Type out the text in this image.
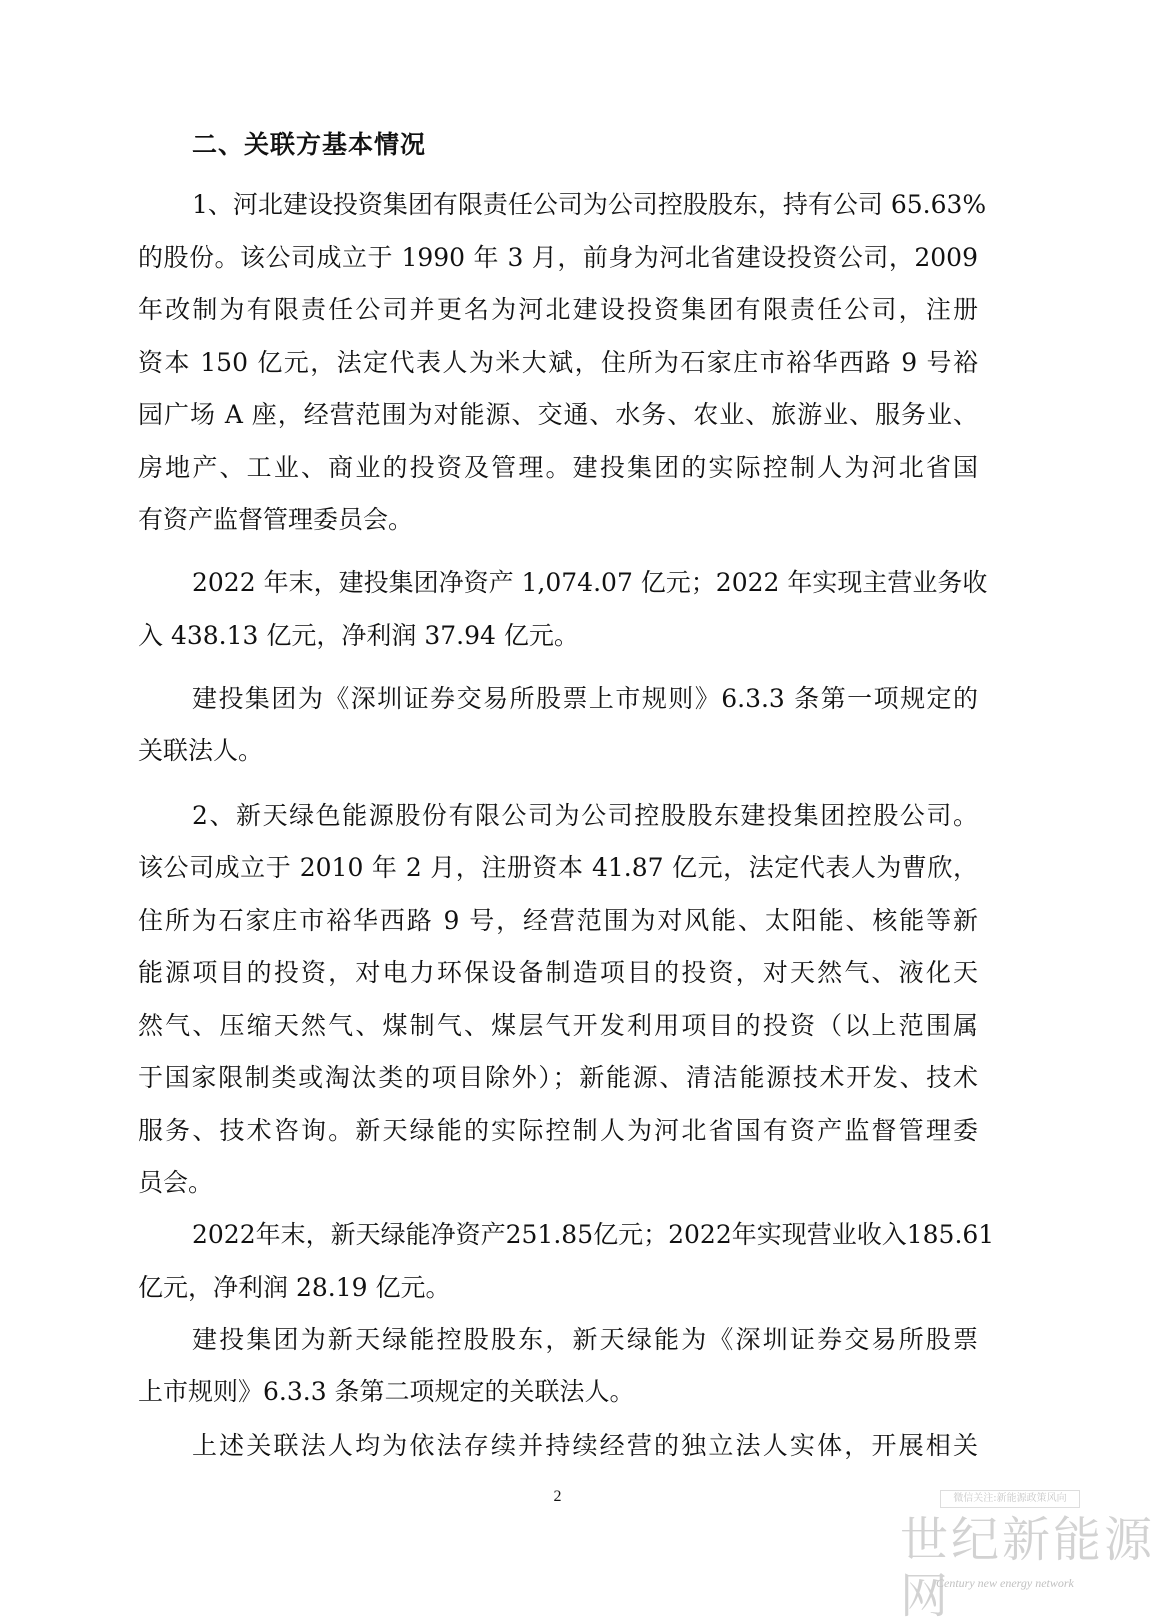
二、关联方基本情况
1、河北建设投资集团有限责任公司为公司控股股东，持有公司 65.63%
的股份。该公司成立于 1990 年 3 月，前身为河北省建设投资公司，2009
年改制为有限责任公司并更名为河北建设投资集团有限责任公司，注册
资本 150 亿元，法定代表人为米大斌，住所为石家庄市裕华西路 9 号裕
园广场 A 座，经营范围为对能源、交通、水务、农业、旅游业、服务业、
房地产、工业、商业的投资及管理。建投集团的实际控制人为河北省国
有资产监督管理委员会。
2022 年末，建投集团净资产 1,074.07 亿元；2022 年实现主营业务收
入 438.13 亿元，净利润 37.94 亿元。
建投集团为《深圳证券交易所股票上市规则》6.3.3 条第一项规定的
关联法人。
2、新天绿色能源股份有限公司为公司控股股东建投集团控股公司。
该公司成立于 2010 年 2 月，注册资本 41.87 亿元，法定代表人为曹欣，
住所为石家庄市裕华西路 9 号，经营范围为对风能、太阳能、核能等新
能源项目的投资，对电力环保设备制造项目的投资，对天然气、液化天
然气、压缩天然气、煤制气、煤层气开发利用项目的投资（以上范围属
于国家限制类或淘汰类的项目除外）；新能源、清洁能源技术开发、技术
服务、技术咨询。新天绿能的实际控制人为河北省国有资产监督管理委
员会。
2022年末，新天绿能净资产251.85亿元；2022年实现营业收入185.61
亿元，净利润 28.19 亿元。
建投集团为新天绿能控股股东，新天绿能为《深圳证券交易所股票
上市规则》6.3.3 条第二项规定的关联法人。
上述关联法人均为依法存续并持续经营的独立法人实体，开展相关
2	微信关注:新能源政策风向
世纪新能源网
Century new energy network
